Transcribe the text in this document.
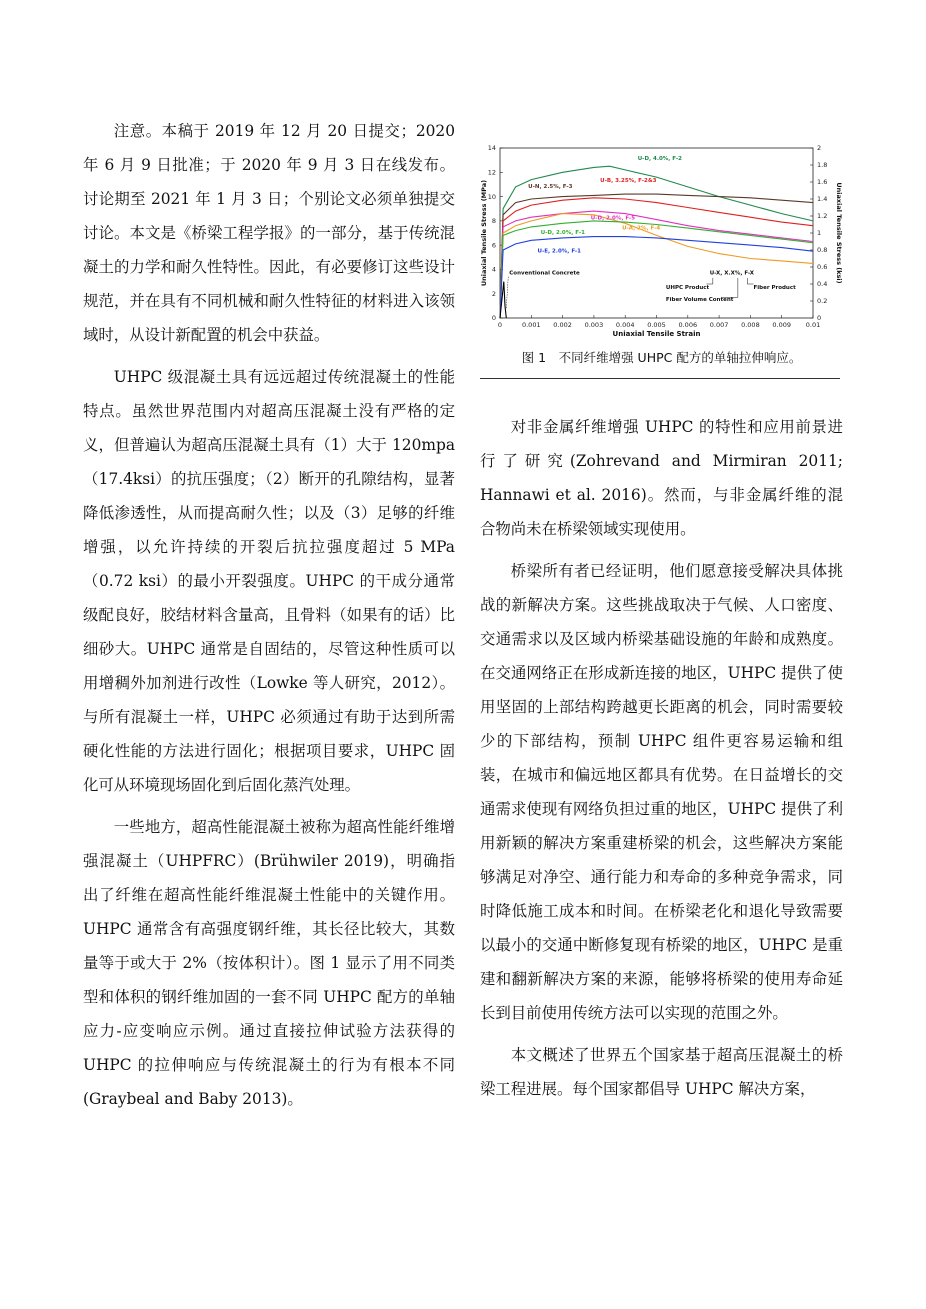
注意。本稿于 2019 年 12 月 20 日提交；2020 年 6 月 9 日批准；于 2020 年 9 月 3 日在线发布。讨论期至 2021 年 1 月 3 日；个别论文必须单独提交讨论。本文是《桥梁工程学报》的一部分，基于传统混凝土的力学和耐久性特性。因此，有必要修订这些设计规范，并在具有不同机械和耐久性特征的材料进入该领域时，从设计新配置的机会中获益。

UHPC 级混凝土具有远远超过传统混凝土的性能特点。虽然世界范围内对超高压混凝土没有严格的定义，但普遍认为超高压混凝土具有（1）大于 120mpa（17.4ksi）的抗压强度；（2）断开的孔隙结构，显著降低渗透性，从而提高耐久性；以及（3）足够的纤维增强，以允许持续的开裂后抗拉强度超过 5 MPa（0.72 ksi）的最小开裂强度。UHPC 的干成分通常级配良好，胶结材料含量高，且骨料（如果有的话）比细砂大。UHPC 通常是自固结的，尽管这种性质可以用增稠外加剂进行改性（Lowke 等人研究，2012）。与所有混凝土一样，UHPC 必须通过有助于达到所需硬化性能的方法进行固化；根据项目要求，UHPC 固化可从环境现场固化到后固化蒸汽处理。

一些地方，超高性能混凝土被称为超高性能纤维增强混凝土（UHPFRC）(Brühwiler 2019)，明确指出了纤维在超高性能纤维混凝土性能中的关键作用。UHPC 通常含有高强度钢纤维，其长径比较大，其数量等于或大于 2%（按体积计）。图 1 显示了用不同类型和体积的钢纤维加固的一套不同 UHPC 配方的单轴应力-应变响应示例。通过直接拉伸试验方法获得的 UHPC 的拉伸响应与传统混凝土的行为有根本不同(Graybeal and Baby 2013)。

0	0.001 0.002 0.003 0.004 0.005 0.006 0.007 0.008 0.009 0.01
0
2
4
6
8
10
12
14
0
0.2
0.4
0.6
0.8
1
1.2
1.4
1.6
1.8
2
Uniaxial Tensile Strain
Uniaxial Tensile Stress (MPa)	Uniaxial Tensile Stress (ksi)
U-D, 4.0%, F-2
U-N, 2.5%, F-3
U-B, 3.25%, F-2&3
U-D, 2.0%, F-5
U-A, 2%, F-4
U-D, 2.0%, F-1
U-E, 2.0%, F-1
Conventional Concrete	U-X, X.X%, F-X
UHPC Product	Fiber Product
Fiber Volume Content
图 1　不同纤维增强 UHPC 配方的单轴拉伸响应。

对非金属纤维增强 UHPC 的特性和应用前景进行了研究(Zohrevand and Mirmiran 2011; Hannawi et al. 2016)。然而，与非金属纤维的混合物尚未在桥梁领域实现使用。

桥梁所有者已经证明，他们愿意接受解决具体挑战的新解决方案。这些挑战取决于气候、人口密度、交通需求以及区域内桥梁基础设施的年龄和成熟度。在交通网络正在形成新连接的地区，UHPC 提供了使用坚固的上部结构跨越更长距离的机会，同时需要较少的下部结构，预制 UHPC 组件更容易运输和组装，在城市和偏远地区都具有优势。在日益增长的交通需求使现有网络负担过重的地区，UHPC 提供了利用新颖的解决方案重建桥梁的机会，这些解决方案能够满足对净空、通行能力和寿命的多种竞争需求，同时降低施工成本和时间。在桥梁老化和退化导致需要以最小的交通中断修复现有桥梁的地区，UHPC 是重建和翻新解决方案的来源，能够将桥梁的使用寿命延长到目前使用传统方法可以实现的范围之外。

本文概述了世界五个国家基于超高压混凝土的桥梁工程进展。每个国家都倡导 UHPC 解决方案，
